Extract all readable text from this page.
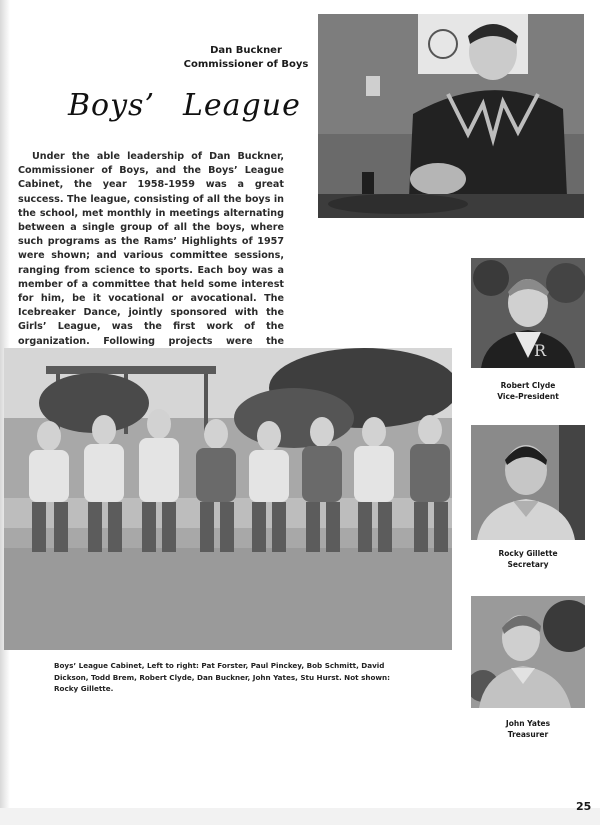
Dan Buckner
Commissioner of Boys
Boys’ League
Under the able leadership of Dan Buckner, Commissioner of Boys, and the Boys’ League Cabinet, the year 1958-1959 was a great success. The league, consisting of all the boys in the school, met monthly in meetings alternating between a single group of all the boys, where such programs as the Rams’ Highlights of 1957 were shown; and various committee sessions, ranging from science to sports. Each boy was a member of a committee that held some interest for him, be it vocational or avocational. The Icebreaker Dance, jointly sponsored with the Girls’ League, was the first work of the organization. Following projects were the	R
Robert Clyde
Vice-President
Rocky Gillette
Secretary
John Yates
Treasurer
Boys’ League Cabinet, Left to right: Pat Forster, Paul Pinckey, Bob Schmitt, David Dickson, Todd Brem, Robert Clyde, Dan Buckner, John Yates, Stu Hurst. Not shown: Rocky Gillette.
25
